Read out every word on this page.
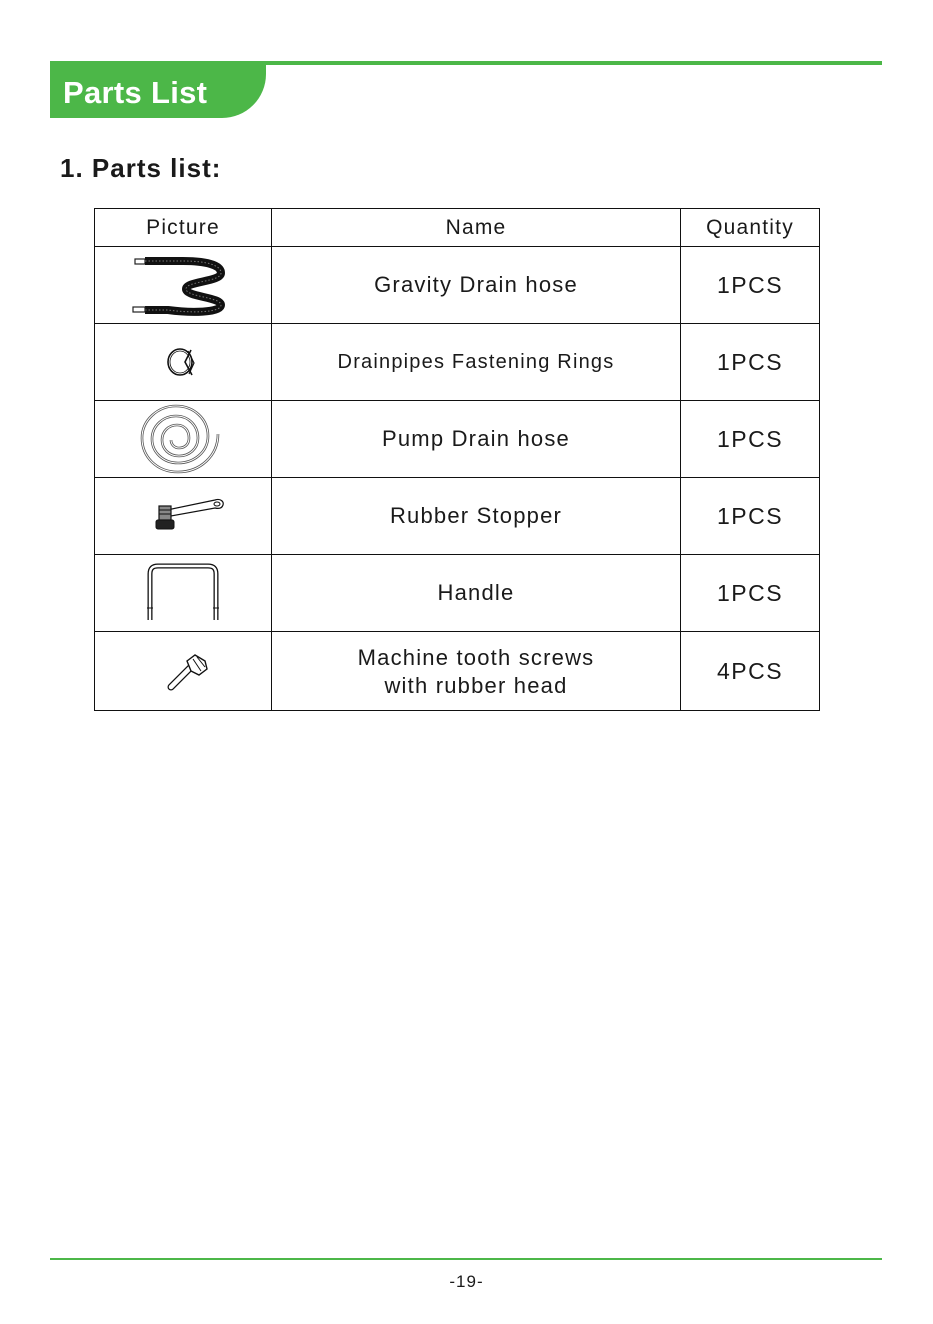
Parts List
1. Parts list:
Picture	Name	Quantity

	Gravity Drain hose	1PCS

	Drainpipes Fastening Rings	1PCS

	Pump Drain hose	1PCS

	Rubber Stopper	1PCS

	Handle	1PCS

	Machine tooth screws
with rubber head	4PCS
-19-
